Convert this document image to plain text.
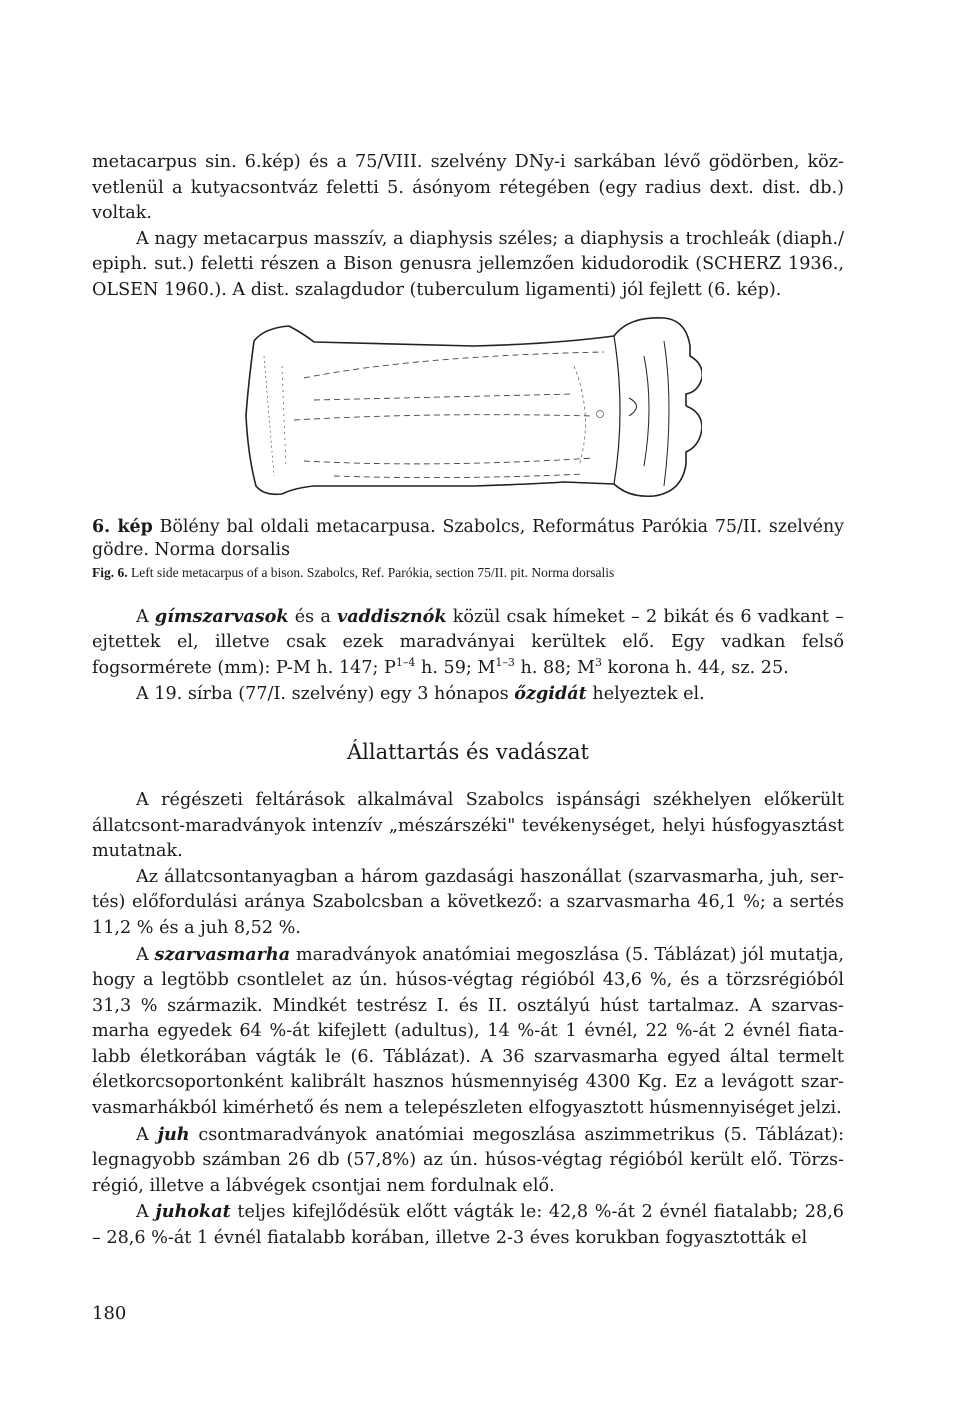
metacarpus sin. 6.kép) és a 75/VIII. szelvény DNy-i sarkában lévő gödörben, közvetlenül a kutyacsontváz feletti 5. ásónyom rétegében (egy radius dext. dist. db.) voltak.

A nagy metacarpus masszív, a diaphysis széles; a diaphysis a trochleák (diaph./ epiph. sut.) feletti részen a Bison genusra jellemzően kidudorodik (SCHERZ 1936., OLSEN 1960.). A dist. szalagdudor (tuberculum ligamenti) jól fejlett (6. kép).

6. kép Bölény bal oldali metacarpusa. Szabolcs, Református Parókia 75/II. szelvény gödre. Norma dorsalis

Fig. 6. Left side metacarpus of a bison. Szabolcs, Ref. Parókia, section 75/II. pit. Norma dorsalis

A gímszarvasok és a vaddisznók közül csak hímeket – 2 bikát és 6 vadkant – ejtettek el, illetve csak ezek maradványai kerültek elő. Egy vadkan felső fogsormérete (mm): P-M h. 147; $P^{1-4}$ h. 59; $M^{1-3}$ h. 88; $M^3$ korona h. 44, sz. 25.

A 19. sírba (77/I. szelvény) egy 3 hónapos őzgidát helyeztek el.

Állattartás és vadászat

A régészeti feltárások alkalmával Szabolcs ispánsági székhelyen előkerült állatcsont-maradványok intenzív „mészárszéki" tevékenységet, helyi húsfogyasztást mutatnak.

Az állatcsontanyagban a három gazdasági haszonállat (szarvasmarha, juh, sertés) előfordulási aránya Szabolcsban a következő: a szarvasmarha 46,1 %; a sertés 11,2 % és a juh 8,52 %.

A szarvasmarha maradványok anatómiai megoszlása (5. Táblázat) jól mutatja, hogy a legtöbb csontlelet az ún. húsos-végtag régióból 43,6 %, és a törzsrégióból 31,3 % származik. Mindkét testrész I. és II. osztályú húst tartalmaz. A szarvasmarha egyedek 64 %-át kifejlett (adultus), 14 %-át 1 évnél, 22 %-át 2 évnél fiatalabb életkorában vágták le (6. Táblázat). A 36 szarvasmarha egyed által termelt életkorcsoportonként kalibrált hasznos húsmennyiség 4300 Kg. Ez a levágott szarvasmarhákból kimérhető és nem a telepészleten elfogyasztott húsmennyiséget jelzi.

A juh csontmaradványok anatómiai megoszlása aszimmetrikus (5. Táblázat): legnagyobb számban 26 db (57,8%) az ún. húsos-végtag régióból került elő. Törzsrégió, illetve a lábvégek csontjai nem fordulnak elő.

A juhokat teljes kifejlődésük előtt vágták le: 42,8 %-át 2 évnél fiatalabb; 28,6 – 28,6 %-át 1 évnél fiatalabb korában, illetve 2-3 éves korukban fogyasztották el

180
